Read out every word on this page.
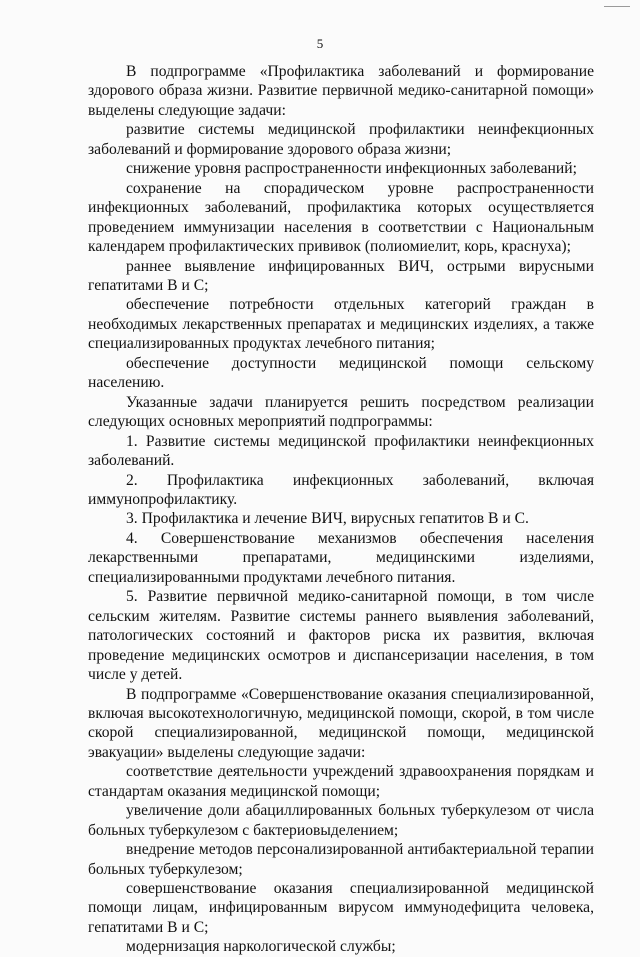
5

В подпрограмме «Профилактика заболеваний и формирование здорового образа жизни. Развитие первичной медико-санитарной помощи» выделены следующие задачи:

развитие системы медицинской профилактики неинфекционных заболеваний и формирование здорового образа жизни;

снижение уровня распространенности инфекционных заболеваний;

сохранение на спорадическом уровне распространенности инфекционных заболеваний, профилактика которых осуществляется проведением иммунизации населения в соответствии с Национальным календарем профилактических прививок (полиомиелит, корь, краснуха);

раннее выявление инфицированных ВИЧ, острыми вирусными гепатитами В и С;

обеспечение потребности отдельных категорий граждан в необходимых лекарственных препаратах и медицинских изделиях, а также специализированных продуктах лечебного питания;

обеспечение доступности медицинской помощи сельскому населению.

Указанные задачи планируется решить посредством реализации следующих основных мероприятий подпрограммы:

1. Развитие системы медицинской профилактики неинфекционных заболеваний.

2. Профилактика инфекционных заболеваний, включая иммунопрофилактику.

3. Профилактика и лечение ВИЧ, вирусных гепатитов В и С.

4. Совершенствование механизмов обеспечения населения лекарственными препаратами, медицинскими изделиями, специализированными продуктами лечебного питания.

5. Развитие первичной медико-санитарной помощи, в том числе сельским жителям. Развитие системы раннего выявления заболеваний, патологических состояний и факторов риска их развития, включая проведение медицинских осмотров и диспансеризации населения, в том числе у детей.

В подпрограмме «Совершенствование оказания специализированной, включая высокотехнологичную, медицинской помощи, скорой, в том числе скорой специализированной, медицинской помощи, медицинской эвакуации» выделены следующие задачи:

соответствие деятельности учреждений здравоохранения порядкам и стандартам оказания медицинской помощи;

увеличение доли абациллированных больных туберкулезом от числа больных туберкулезом с бактериовыделением;

внедрение методов персонализированной антибактериальной терапии больных туберкулезом;

совершенствование оказания специализированной медицинской помощи лицам, инфицированным вирусом иммунодефицита человека, гепатитами В и С;

модернизация наркологической службы;
